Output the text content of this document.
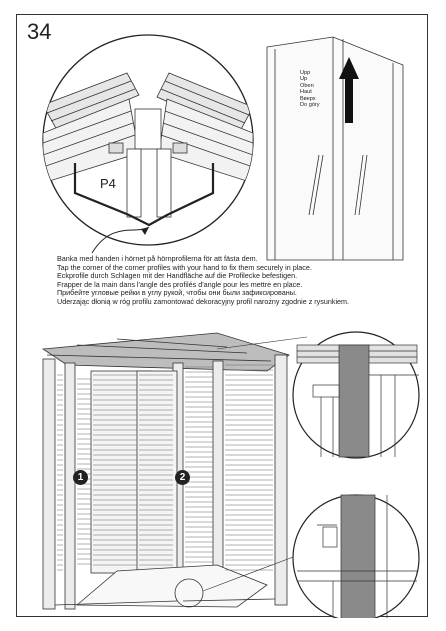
34
P4
Upp
Up
Oben
Haut
Вверх
Do góry
Banka med handen i hörnet på hörnprofilerna för att fästa dem.
Tap the corner of the corner profiles with your hand to fix them securely in place.
Eckprofile durch Schlagen mit der Handfläche auf die Profilecke befestigen.
Frapper de la main dans l'angle des profilés d'angle pour les mettre en place.
Прибейте угловые рейки в углу рукой, чтобы они были зафиксированы.
Uderzając dłonią w róg profilu zamontować dekoracyjny profil narożny zgodnie z rysunkiem.
1	2
